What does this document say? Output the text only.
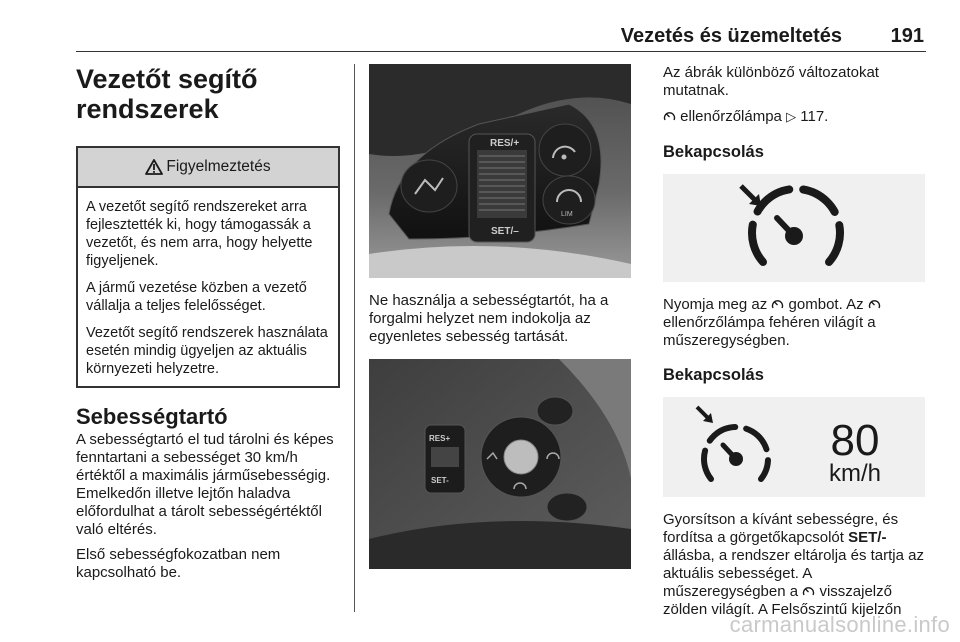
Vezetés és üzemeltetés 191
Vezetőt segítő
rendszerek
Figyelmeztetés

A vezetőt segítő rendszereket arra fejlesztették ki, hogy támogassák a vezetőt, és nem arra, hogy helyette figyeljenek.

A jármű vezetése közben a vezető vállalja a teljes felelősséget.

Vezetőt segítő rendszerek használata esetén mindig ügyeljen az aktuális környezeti helyzetre.

Sebességtartó

A sebességtartó el tud tárolni és képes fenntartani a sebességet 30 km/h értéktől a maximális járműsebességig. Emelkedőn illetve lejtőn haladva előfordulhat a tárolt sebességértéktől való eltérés.

Első sebességfokozatban nem kapcsolható be.

RES/+
SET/–
LIM

Ne használja a sebességtartót, ha a forgalmi helyzet nem indokolja az egyenletes sebesség tartását.

RES+
SET-

Az ábrák különböző változatokat mutatnak.

ellenőrzőlámpa ▷ 117.

Bekapcsolás

Nyomja meg az gombot. Az  ellenőrzőlámpa fehéren világít a műszeregységben.

Bekapcsolás
80
km/h

Gyorsítson a kívánt sebességre, és fordítsa a görgetőkapcsolót SET/- állásba, a rendszer eltárolja és tartja az aktuális sebességet. A műszeregységben a visszajelző zölden világít. A Felsőszintű kijelzőn

carmanualsonline.info
